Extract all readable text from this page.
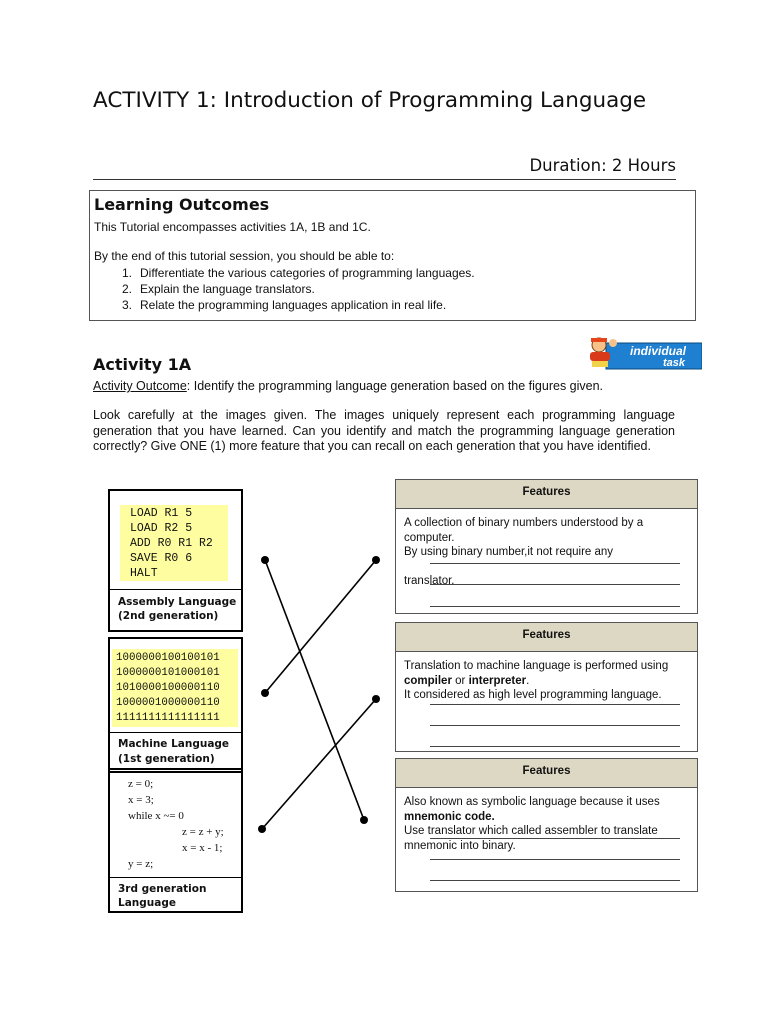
ACTIVITY 1: Introduction of Programming Language
Duration: 2 Hours
Learning Outcomes
This Tutorial encompasses activities 1A, 1B and 1C.
By the end of this tutorial session, you should be able to:
1. Differentiate the various categories of programming languages.
2. Explain the language translators.
3. Relate the programming languages application in real life.
Activity 1A
individual
task
Activity Outcome: Identify the programming language generation based on the figures given.
Look carefully at the images given. The images uniquely represent each programming language generation that you have learned. Can you identify and match the programming language generation correctly? Give ONE (1) more feature that you can recall on each generation that you have identified.
LOAD R1 5
LOAD R2 5
ADD R0 R1 R2
SAVE R0 6
HALT
Assembly Language
(2nd generation)
1000000100100101
1000000101000101
1010000100000110
1000001000000110
1111111111111111
Machine Language
(1st generation)
z = 0;
x = 3;
while x ~= 0
z = z + y;
x = x - 1;
y = z;
3rd generation
Language
Features
A collection of binary numbers understood by a computer.
By using binary number,it not require any
translator.
Features
Translation to machine language is performed using compiler or interpreter.
It considered as high level programming language.
Features
Also known as symbolic language because it uses mnemonic code.
Use translator which called assembler to translate mnemonic into binary.
